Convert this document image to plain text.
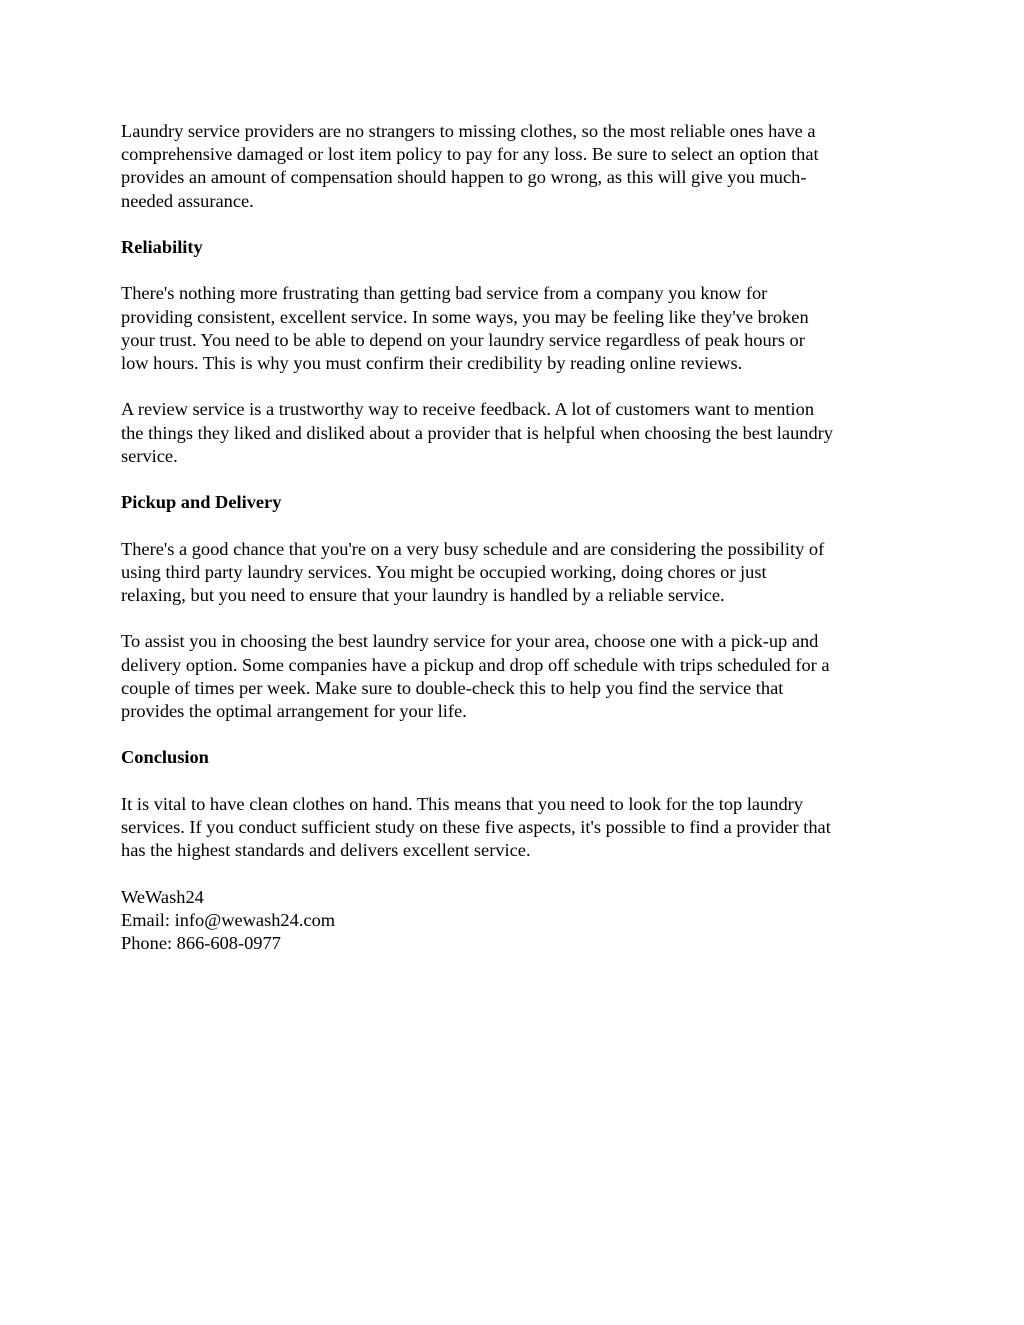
Laundry service providers are no strangers to missing clothes, so the most reliable ones have a
comprehensive damaged or lost item policy to pay for any loss. Be sure to select an option that
provides an amount of compensation should happen to go wrong, as this will give you much-
needed assurance.

Reliability

There's nothing more frustrating than getting bad service from a company you know for
providing consistent, excellent service. In some ways, you may be feeling like they've broken
your trust. You need to be able to depend on your laundry service regardless of peak hours or
low hours. This is why you must confirm their credibility by reading online reviews.

A review service is a trustworthy way to receive feedback. A lot of customers want to mention
the things they liked and disliked about a provider that is helpful when choosing the best laundry
service.

Pickup and Delivery

There's a good chance that you're on a very busy schedule and are considering the possibility of
using third party laundry services. You might be occupied working, doing chores or just
relaxing, but you need to ensure that your laundry is handled by a reliable service.

To assist you in choosing the best laundry service for your area, choose one with a pick-up and
delivery option. Some companies have a pickup and drop off schedule with trips scheduled for a
couple of times per week. Make sure to double-check this to help you find the service that
provides the optimal arrangement for your life.

Conclusion

It is vital to have clean clothes on hand. This means that you need to look for the top laundry
services. If you conduct sufficient study on these five aspects, it's possible to find a provider that
has the highest standards and delivers excellent service.

WeWash24
Email: info@wewash24.com
Phone: 866-608-0977
